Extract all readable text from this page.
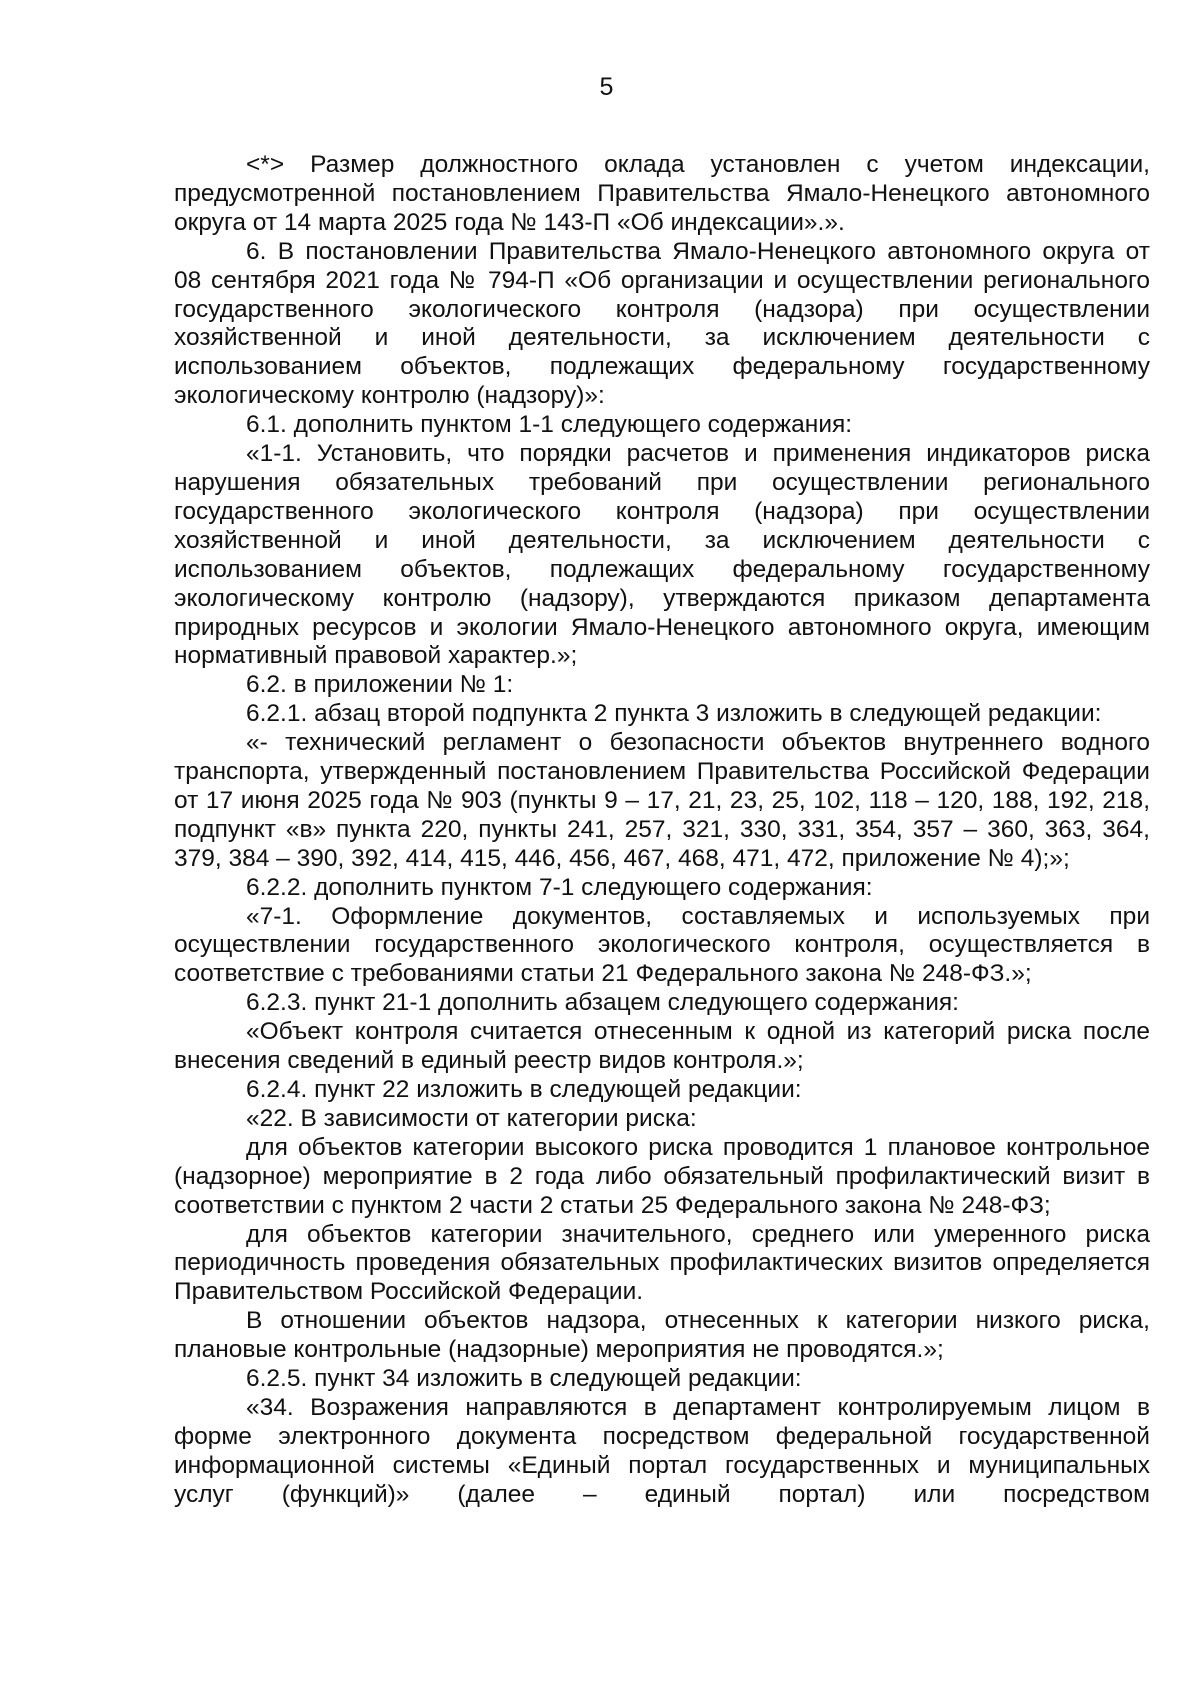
5

<*> Размер должностного оклада установлен с учетом индексации, предусмотренной постановлением Правительства Ямало-Ненецкого автономного округа от 14 марта 2025 года № 143-П «Об индексации».».

6. В постановлении Правительства Ямало-Ненецкого автономного округа от 08 сентября 2021 года № 794-П «Об организации и осуществлении регионального государственного экологического контроля (надзора) при осуществлении хозяйственной и иной деятельности, за исключением деятельности с использованием объектов, подлежащих федеральному государственному экологическому контролю (надзору)»:

6.1. дополнить пунктом 1-1 следующего содержания:

«1-1. Установить, что порядки расчетов и применения индикаторов риска нарушения обязательных требований при осуществлении регионального государственного экологического контроля (надзора) при осуществлении хозяйственной и иной деятельности, за исключением деятельности с использованием объектов, подлежащих федеральному государственному экологическому контролю (надзору), утверждаются приказом департамента природных ресурсов и экологии Ямало-Ненецкого автономного округа, имеющим нормативный правовой характер.»;

6.2. в приложении № 1:

6.2.1. абзац второй подпункта 2 пункта 3 изложить в следующей редакции:

«- технический регламент о безопасности объектов внутреннего водного транспорта, утвержденный постановлением Правительства Российской Федерации от 17 июня 2025 года № 903 (пункты 9 – 17, 21, 23, 25, 102, 118 – 120, 188, 192, 218, подпункт «в» пункта 220, пункты 241, 257, 321, 330, 331, 354, 357 – 360, 363, 364, 379, 384 – 390, 392, 414, 415, 446, 456, 467, 468, 471, 472, приложение № 4);»;

6.2.2. дополнить пунктом 7-1 следующего содержания:

«7-1. Оформление документов, составляемых и используемых при осуществлении государственного экологического контроля, осуществляется в соответствие с требованиями статьи 21 Федерального закона № 248-ФЗ.»;

6.2.3. пункт 21-1 дополнить абзацем следующего содержания:

«Объект контроля считается отнесенным к одной из категорий риска после внесения сведений в единый реестр видов контроля.»;

6.2.4. пункт 22 изложить в следующей редакции:

«22. В зависимости от категории риска:

для объектов категории высокого риска проводится 1 плановое контрольное (надзорное) мероприятие в 2 года либо обязательный профилактический визит в соответствии с пунктом 2 части 2 статьи 25 Федерального закона № 248-ФЗ;

для объектов категории значительного, среднего или умеренного риска периодичность проведения обязательных профилактических визитов определяется Правительством Российской Федерации.

В отношении объектов надзора, отнесенных к категории низкого риска, плановые контрольные (надзорные) мероприятия не проводятся.»;

6.2.5. пункт 34 изложить в следующей редакции:

«34. Возражения направляются в департамент контролируемым лицом в форме электронного документа посредством федеральной государственной информационной системы «Единый портал государственных и муниципальных услуг (функций)» (далее – единый портал) или посредством
